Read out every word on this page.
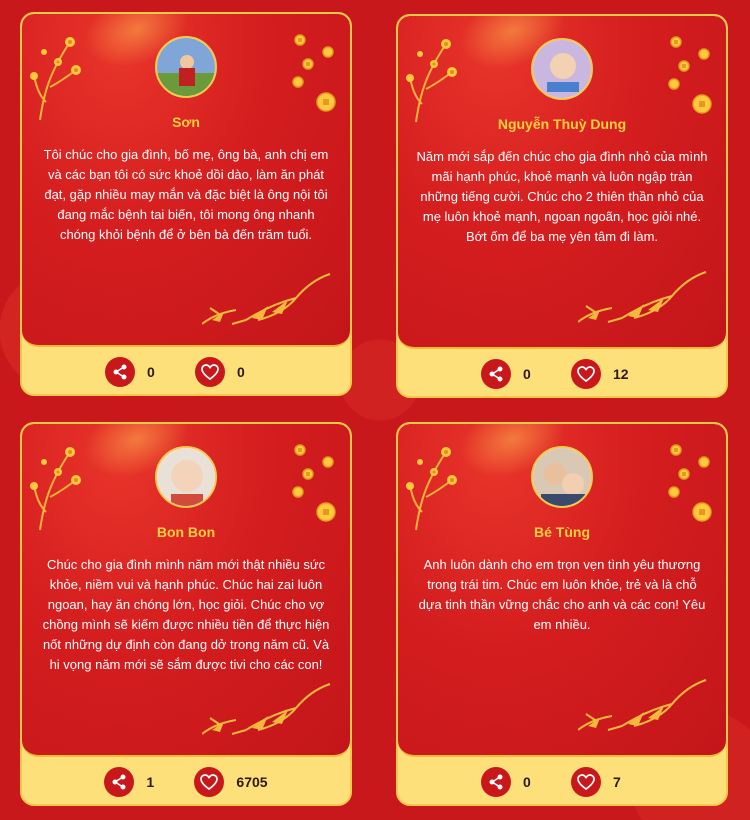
Sơn
Tôi chúc cho gia đình, bố mẹ, ông bà, anh chị em và các bạn tôi có sức khoẻ dồi dào, làm ăn phát đạt, gặp nhiều may mắn và đặc biệt là ông nội tôi đang mắc bệnh tai biến, tôi mong ông nhanh chóng khỏi bệnh để ở bên bà đến trăm tuổi.
0	0
Nguyễn Thuỳ Dung
Năm mới sắp đến chúc cho gia đình nhỏ của mình mãi hạnh phúc, khoẻ mạnh và luôn ngập tràn những tiếng cười. Chúc cho 2 thiên thần nhỏ của mẹ luôn khoẻ mạnh, ngoan ngoãn, học giỏi nhé. Bớt ốm để ba mẹ yên tâm đi làm.
0	12
Bon Bon
Chúc cho gia đình mình năm mới thật nhiều sức khỏe, niềm vui và hạnh phúc. Chúc hai zai luôn ngoan, hay ăn chóng lớn, học giỏi. Chúc cho vợ chồng mình sẽ kiếm được nhiều tiền để thực hiện nốt những dự định còn đang dở trong năm cũ. Và hi vọng năm mới sẽ sắm được tivi cho các con!
1	6705
Bé Tùng
Anh luôn dành cho em trọn vẹn tình yêu thương trong trái tim. Chúc em luôn khỏe, trẻ và là chỗ dựa tinh thần vững chắc cho anh và các con! Yêu em nhiều.
0	7
